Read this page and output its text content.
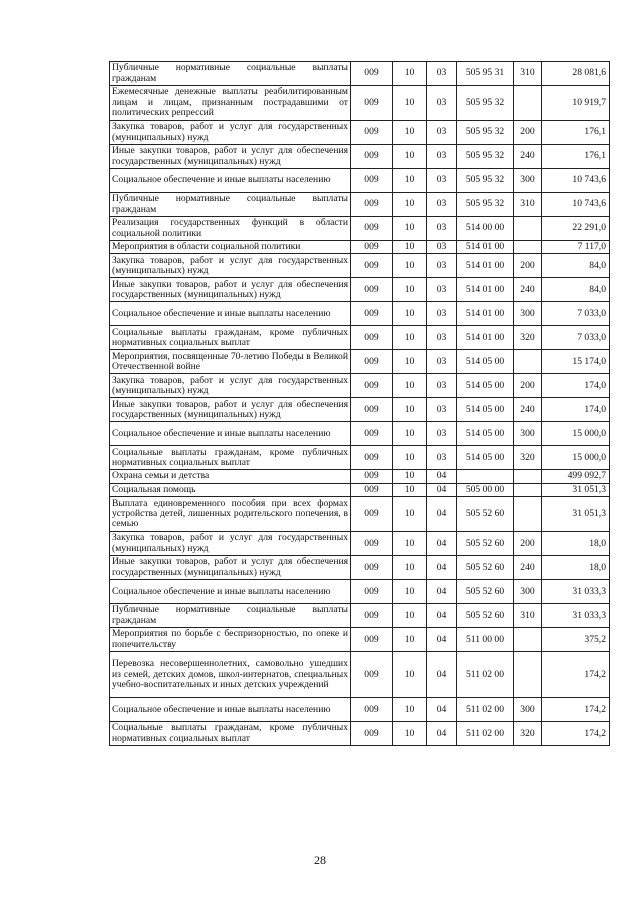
Публичные нормативные социальные выплаты гражданам	009	10	03	505 95 31	310	28 081,6
Ежемесячные денежные выплаты реабилитированным лицам и лицам, признанным пострадавшими от политических репрессий	009	10	03	505 95 32		10 919,7
Закупка товаров, работ и услуг для государственных (муниципальных) нужд	009	10	03	505 95 32	200	176,1
Иные закупки товаров, работ и услуг для обеспечения государственных (муниципальных) нужд	009	10	03	505 95 32	240	176,1
Социальное обеспечение и иные выплаты населению	009	10	03	505 95 32	300	10 743,6
Публичные нормативные социальные выплаты гражданам	009	10	03	505 95 32	310	10 743,6
Реализация государственных функций в области социальной политики	009	10	03	514 00 00		22 291,0
Мероприятия в области социальной политики	009	10	03	514 01 00		7 117,0
Закупка товаров, работ и услуг для государственных (муниципальных) нужд	009	10	03	514 01 00	200	84,0
Иные закупки товаров, работ и услуг для обеспечения государственных (муниципальных) нужд	009	10	03	514 01 00	240	84,0
Социальное обеспечение и иные выплаты населению	009	10	03	514 01 00	300	7 033,0
Социальные выплаты гражданам, кроме публичных нормативных социальных выплат	009	10	03	514 01 00	320	7 033,0
Мероприятия, посвященные 70-летию Победы в Великой Отечественной войне	009	10	03	514 05 00		15 174,0
Закупка товаров, работ и услуг для государственных (муниципальных) нужд	009	10	03	514 05 00	200	174,0
Иные закупки товаров, работ и услуг для обеспечения государственных (муниципальных) нужд	009	10	03	514 05 00	240	174,0
Социальное обеспечение и иные выплаты населению	009	10	03	514 05 00	300	15 000,0
Социальные выплаты гражданам, кроме публичных нормативных социальных выплат	009	10	03	514 05 00	320	15 000,0
Охрана семьи и детства	009	10	04			499 092,7
Социальная помощь	009	10	04	505 00 00		31 051,3
Выплата единовременного пособия при всех формах устройства детей, лишенных родительского попечения, в семью	009	10	04	505 52 60		31 051,3
Закупка товаров, работ и услуг для государственных (муниципальных) нужд	009	10	04	505 52 60	200	18,0
Иные закупки товаров, работ и услуг для обеспечения государственных (муниципальных) нужд	009	10	04	505 52 60	240	18,0
Социальное обеспечение и иные выплаты населению	009	10	04	505 52 60	300	31 033,3
Публичные нормативные социальные выплаты гражданам	009	10	04	505 52 60	310	31 033,3
Мероприятия по борьбе с беспризорностью, по опеке и попечительству	009	10	04	511 00 00		375,2
Перевозка несовершеннолетних, самовольно ушедших из семей, детских домов, школ-интернатов, специальных учебно-воспитательных и иных детских учреждений	009	10	04	511 02 00		174,2
Социальное обеспечение и иные выплаты населению	009	10	04	511 02 00	300	174,2
Социальные выплаты гражданам, кроме публичных нормативных социальных выплат	009	10	04	511 02 00	320	174,2
28
